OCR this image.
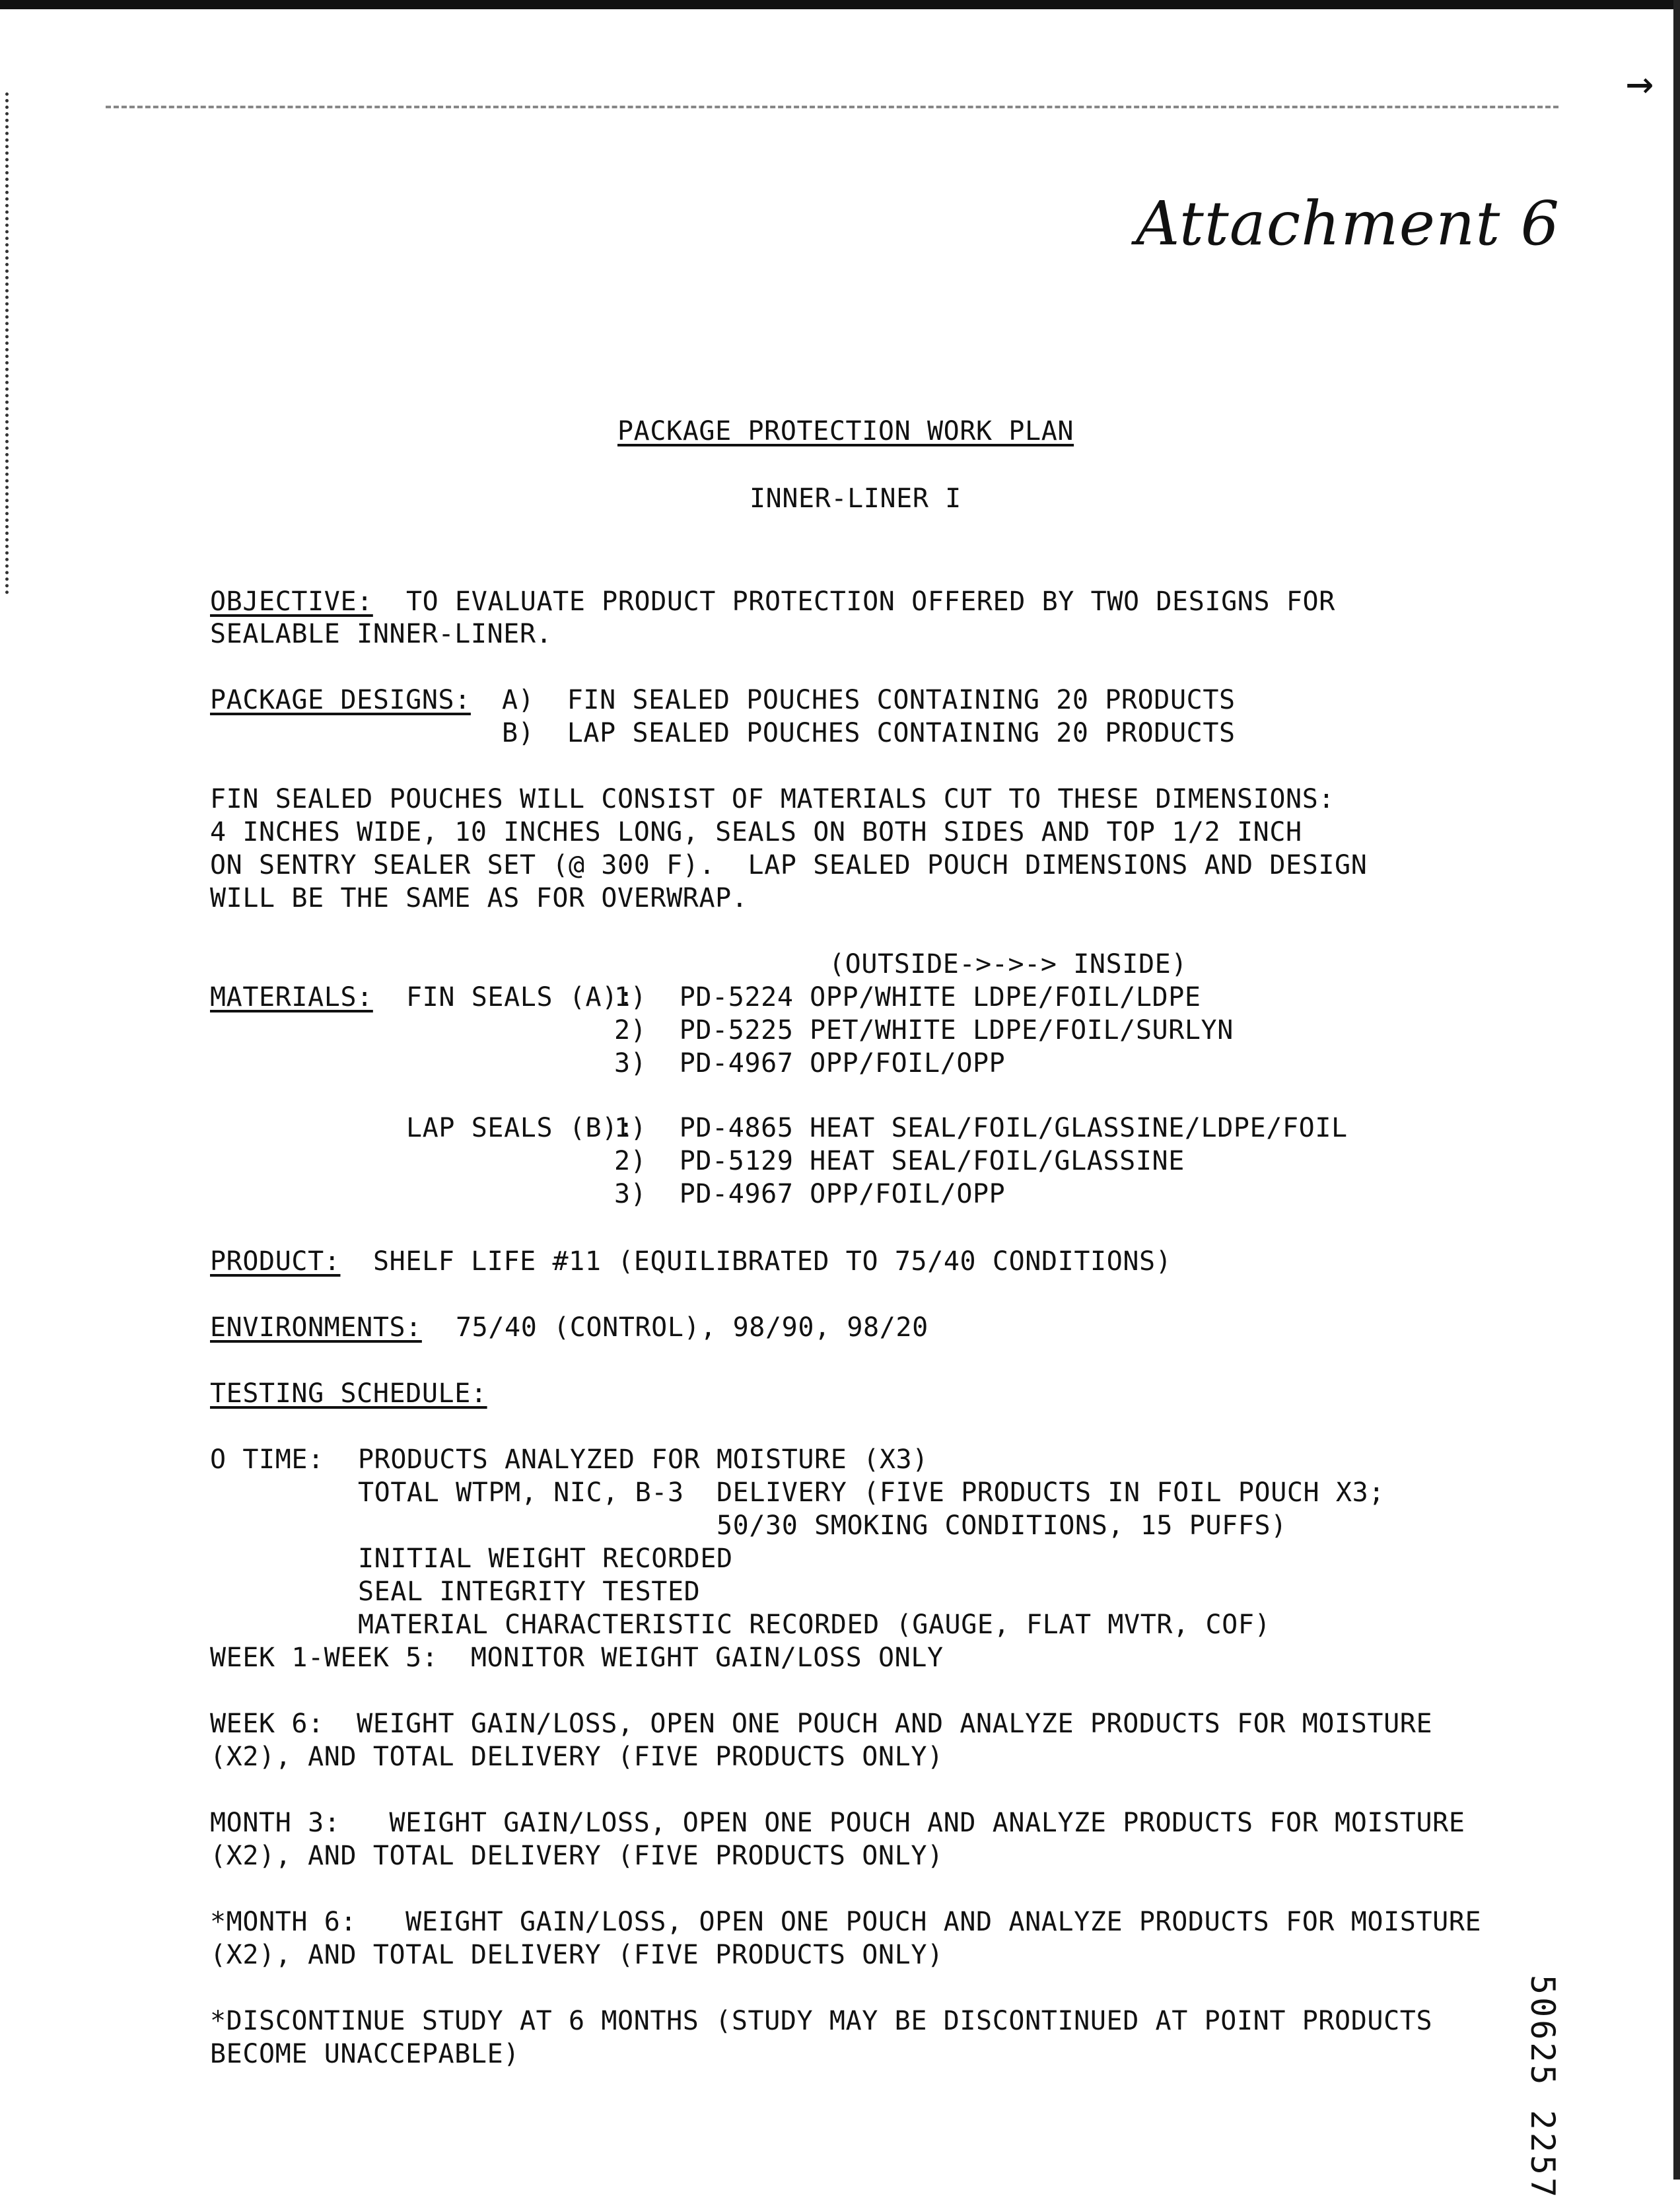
→
Attachment 6
PACKAGE PROTECTION WORK PLAN
INNER-LINER I
OBJECTIVE: TO EVALUATE PRODUCT PROTECTION OFFERED BY TWO DESIGNS FOR
SEALABLE INNER-LINER.
PACKAGE DESIGNS: A)  FIN SEALED POUCHES CONTAINING 20 PRODUCTS
B)  LAP SEALED POUCHES CONTAINING 20 PRODUCTS
FIN SEALED POUCHES WILL CONSIST OF MATERIALS CUT TO THESE DIMENSIONS:
4 INCHES WIDE, 10 INCHES LONG, SEALS ON BOTH SIDES AND TOP 1/2 INCH
ON SENTRY SEALER SET (@ 300 F).  LAP SEALED POUCH DIMENSIONS AND DESIGN
WILL BE THE SAME AS FOR OVERWRAP.
(OUTSIDE->->-> INSIDE)
MATERIALS: FIN SEALS (A):
1)  PD-5224 OPP/WHITE LDPE/FOIL/LDPE
2)  PD-5225 PET/WHITE LDPE/FOIL/SURLYN
3)  PD-4967 OPP/FOIL/OPP
LAP SEALS (B):
1)  PD-4865 HEAT SEAL/FOIL/GLASSINE/LDPE/FOIL
2)  PD-5129 HEAT SEAL/FOIL/GLASSINE
3)  PD-4967 OPP/FOIL/OPP
PRODUCT: SHELF LIFE #11 (EQUILIBRATED TO 75/40 CONDITIONS)
ENVIRONMENTS: 75/40 (CONTROL), 98/90, 98/20
TESTING SCHEDULE:
O TIME: PRODUCTS ANALYZED FOR MOISTURE (X3)
TOTAL WTPM, NIC, B-3  DELIVERY (FIVE PRODUCTS IN FOIL POUCH X3;
50/30 SMOKING CONDITIONS, 15 PUFFS)
INITIAL WEIGHT RECORDED
SEAL INTEGRITY TESTED
MATERIAL CHARACTERISTIC RECORDED (GAUGE, FLAT MVTR, COF)
WEEK 1-WEEK 5:  MONITOR WEIGHT GAIN/LOSS ONLY
WEEK 6:  WEIGHT GAIN/LOSS, OPEN ONE POUCH AND ANALYZE PRODUCTS FOR MOISTURE
(X2), AND TOTAL DELIVERY (FIVE PRODUCTS ONLY)
MONTH 3:   WEIGHT GAIN/LOSS, OPEN ONE POUCH AND ANALYZE PRODUCTS FOR MOISTURE
(X2), AND TOTAL DELIVERY (FIVE PRODUCTS ONLY)
*MONTH 6:   WEIGHT GAIN/LOSS, OPEN ONE POUCH AND ANALYZE PRODUCTS FOR MOISTURE
(X2), AND TOTAL DELIVERY (FIVE PRODUCTS ONLY)
*DISCONTINUE STUDY AT 6 MONTHS (STUDY MAY BE DISCONTINUED AT POINT PRODUCTS
BECOME UNACCEPABLE)	50625 2257
